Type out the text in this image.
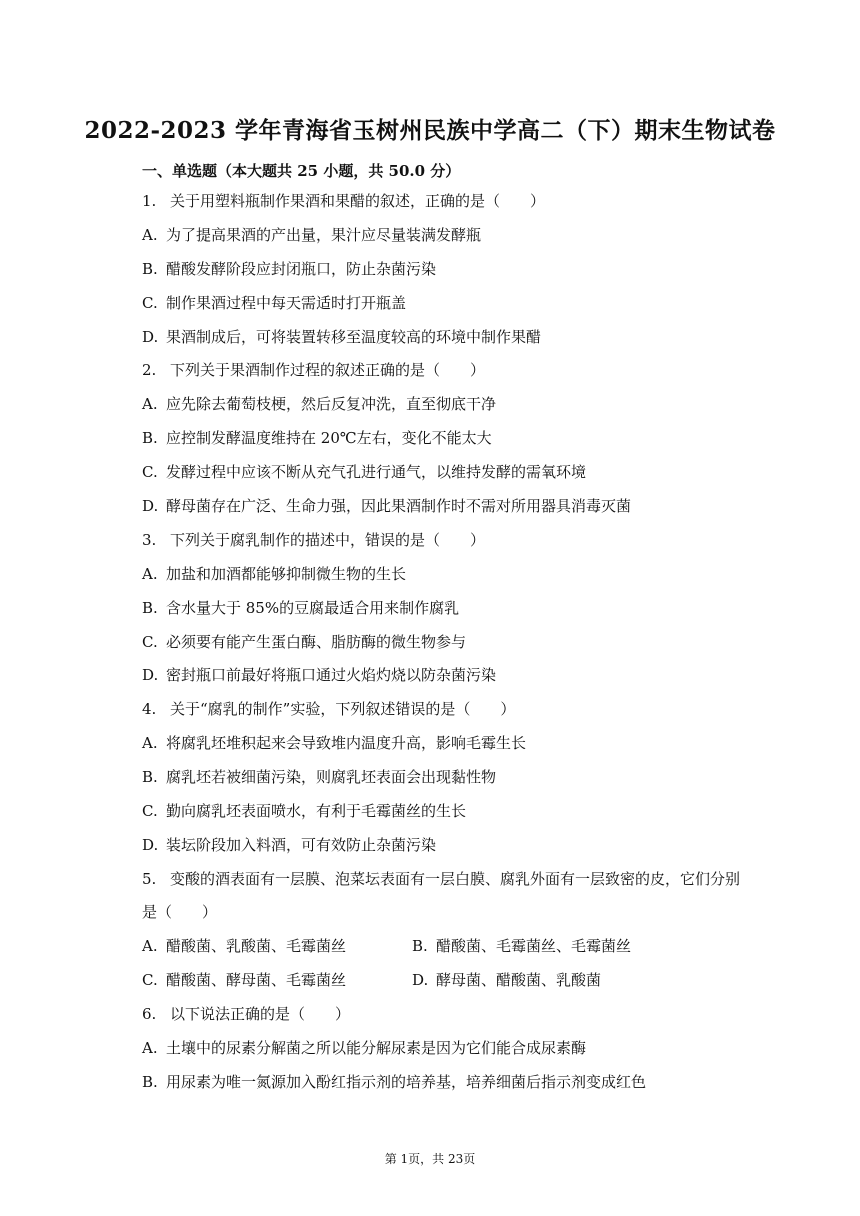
2022-2023 学年青海省玉树州民族中学高二（下）期末生物试卷
一、单选题（本大题共 25 小题，共 50.0 分）
1. 关于用塑料瓶制作果酒和果醋的叙述，正确的是（　　）
A. 为了提高果酒的产出量，果汁应尽量装满发酵瓶
B. 醋酸发酵阶段应封闭瓶口，防止杂菌污染
C. 制作果酒过程中每天需适时打开瓶盖
D. 果酒制成后，可将装置转移至温度较高的环境中制作果醋
2. 下列关于果酒制作过程的叙述正确的是（　　）
A. 应先除去葡萄枝梗，然后反复冲洗，直至彻底干净
B. 应控制发酵温度维持在 20℃左右，变化不能太大
C. 发酵过程中应该不断从充气孔进行通气，以维持发酵的需氧环境
D. 酵母菌存在广泛、生命力强，因此果酒制作时不需对所用器具消毒灭菌
3. 下列关于腐乳制作的描述中，错误的是（　　）
A. 加盐和加酒都能够抑制微生物的生长
B. 含水量大于 85%的豆腐最适合用来制作腐乳
C. 必须要有能产生蛋白酶、脂肪酶的微生物参与
D. 密封瓶口前最好将瓶口通过火焰灼烧以防杂菌污染
4. 关于“腐乳的制作”实验，下列叙述错误的是（　　）
A. 将腐乳坯堆积起来会导致堆内温度升高，影响毛霉生长
B. 腐乳坯若被细菌污染，则腐乳坯表面会出现黏性物
C. 勤向腐乳坯表面喷水，有利于毛霉菌丝的生长
D. 装坛阶段加入料酒，可有效防止杂菌污染
5. 变酸的酒表面有一层膜、泡菜坛表面有一层白膜、腐乳外面有一层致密的皮，它们分别
是（　　）
A. 醋酸菌、乳酸菌、毛霉菌丝	B. 醋酸菌、毛霉菌丝、毛霉菌丝
C. 醋酸菌、酵母菌、毛霉菌丝	D. 酵母菌、醋酸菌、乳酸菌
6. 以下说法正确的是（　　）
A. 土壤中的尿素分解菌之所以能分解尿素是因为它们能合成尿素酶
B. 用尿素为唯一氮源加入酚红指示剂的培养基，培养细菌后指示剂变成红色
第 1页，共 23页
